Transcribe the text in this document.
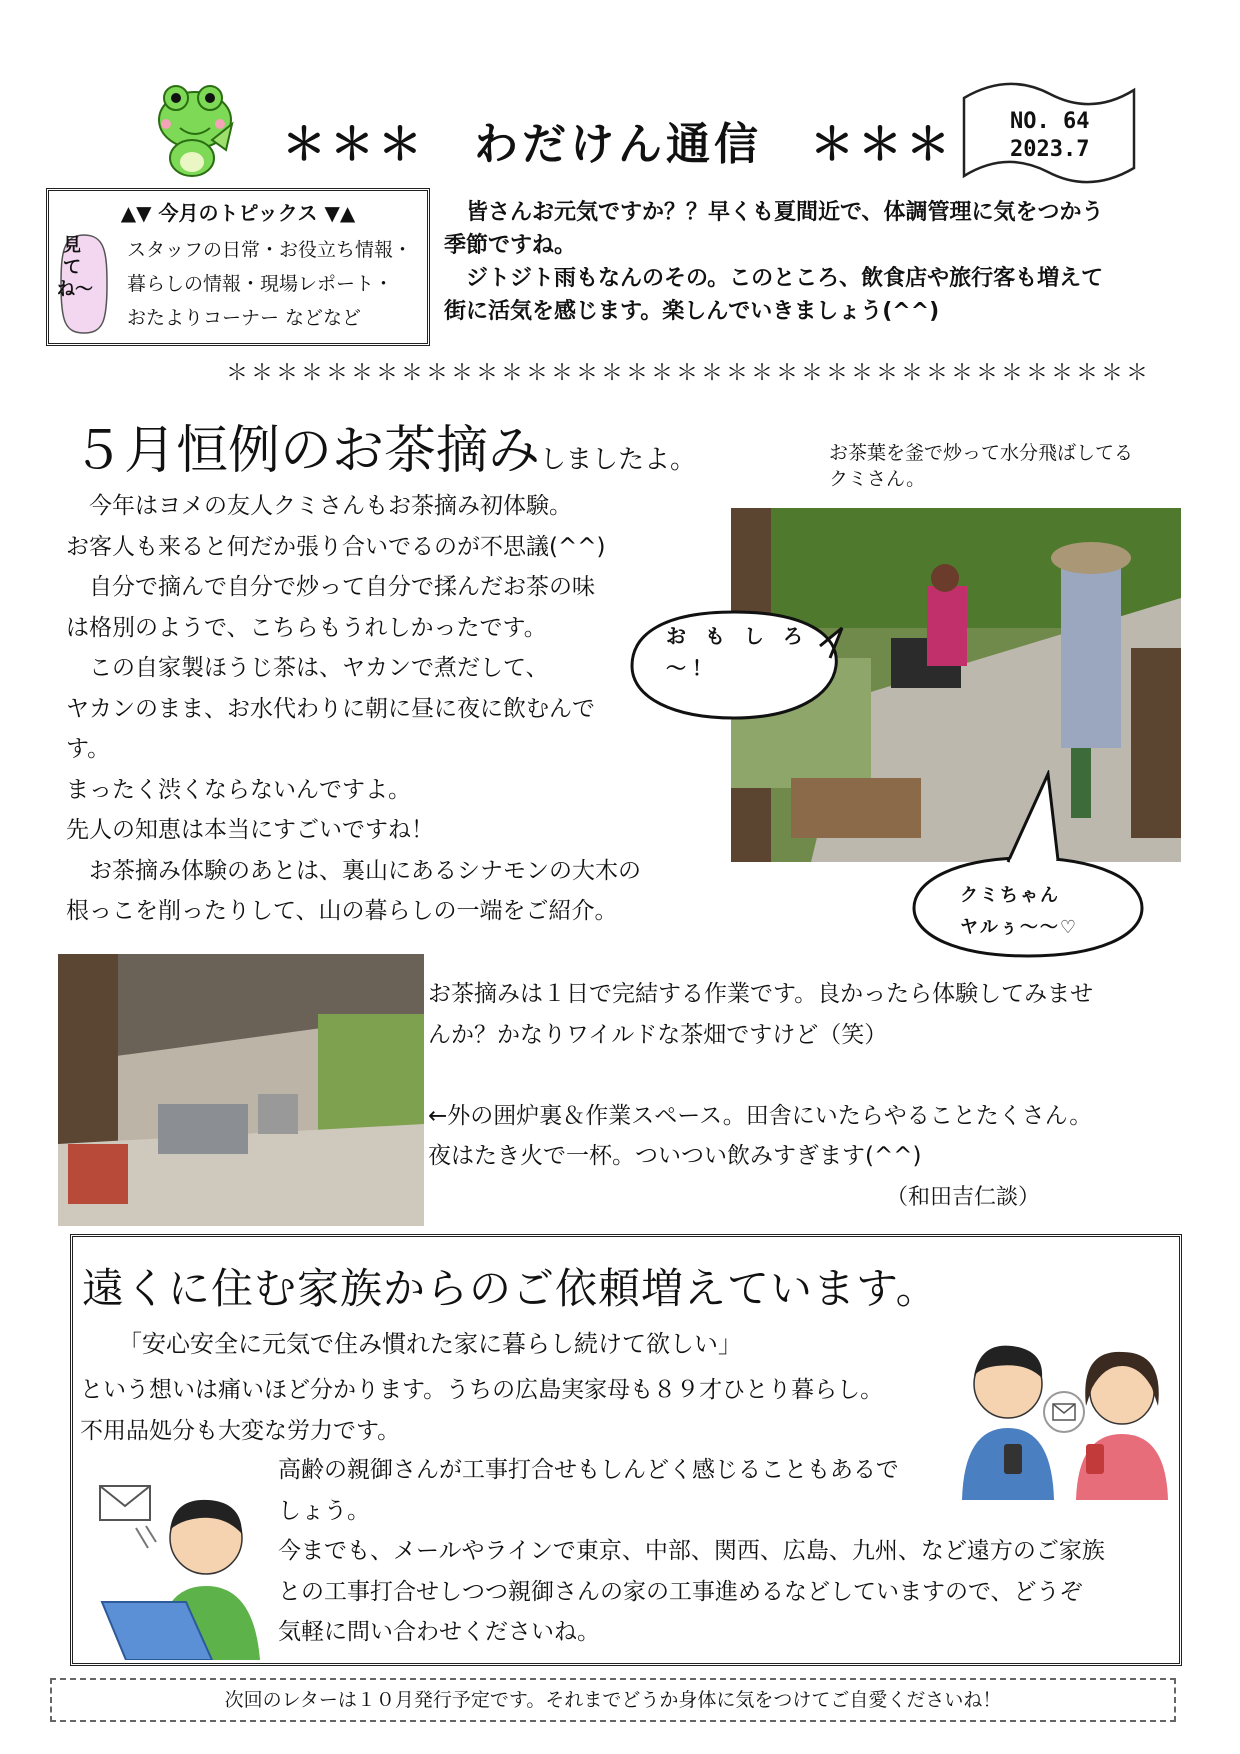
＊＊＊　わだけん通信　＊＊＊	NO. 64
2023.7
▲▼ 今月のトピックス ▼▲
見てね〜
スタッフの日常・お役立ち情報・
暮らしの情報・現場レポート・
おたよりコーナー などなど
　皆さんお元気ですか？？早くも夏間近で、体調管理に気をつかう
季節ですね。
　ジトジト雨もなんのその。このところ、飲食店や旅行客も増えて
街に活気を感じます。楽しんでいきましょう(^^)
＊＊＊＊＊＊＊＊＊＊＊＊＊＊＊＊＊＊＊＊＊＊＊＊＊＊＊＊＊＊＊＊＊＊＊＊＊
５月恒例のお茶摘みしましたよ。

　今年はヨメの友人クミさんもお茶摘み初体験。

お客人も来ると何だか張り合いでるのが不思議(^^)

　自分で摘んで自分で炒って自分で揉んだお茶の味

は格別のようで、こちらもうれしかったです。

　この自家製ほうじ茶は、ヤカンで煮だして、

ヤカンのまま、お水代わりに朝に昼に夜に飲むんで

す。

まったく渋くならないんですよ。

先人の知恵は本当にすごいですね！

　お茶摘み体験のあとは、裏山にあるシナモンの大木の

根っこを削ったりして、山の暮らしの一端をご紹介。

お茶葉を釜で炒って水分飛ばしてる
クミさん。
お も し ろ
〜！
クミちゃん
ヤルぅ〜〜♡
お茶摘みは１日で完結する作業です。良かったら体験してみませ
んか？かなりワイルドな茶畑ですけど（笑）
←外の囲炉裏＆作業スペース。田舎にいたらやることたくさん。
夜はたき火で一杯。ついつい飲みすぎます(^^)
（和田吉仁談）
遠くに住む家族からのご依頼増えています。
「安心安全に元気で住み慣れた家に暮らし続けて欲しい」
という想いは痛いほど分かります。うちの広島実家母も８９才ひとり暮らし。
不用品処分も大変な労力です。
高齢の親御さんが工事打合せもしんどく感じることもあるで
しょう。
今までも、メールやラインで東京、中部、関西、広島、九州、など遠方のご家族
との工事打合せしつつ親御さんの家の工事進めるなどしていますので、どうぞ
気軽に問い合わせくださいね。
次回のレターは１０月発行予定です。それまでどうか身体に気をつけてご自愛くださいね！
